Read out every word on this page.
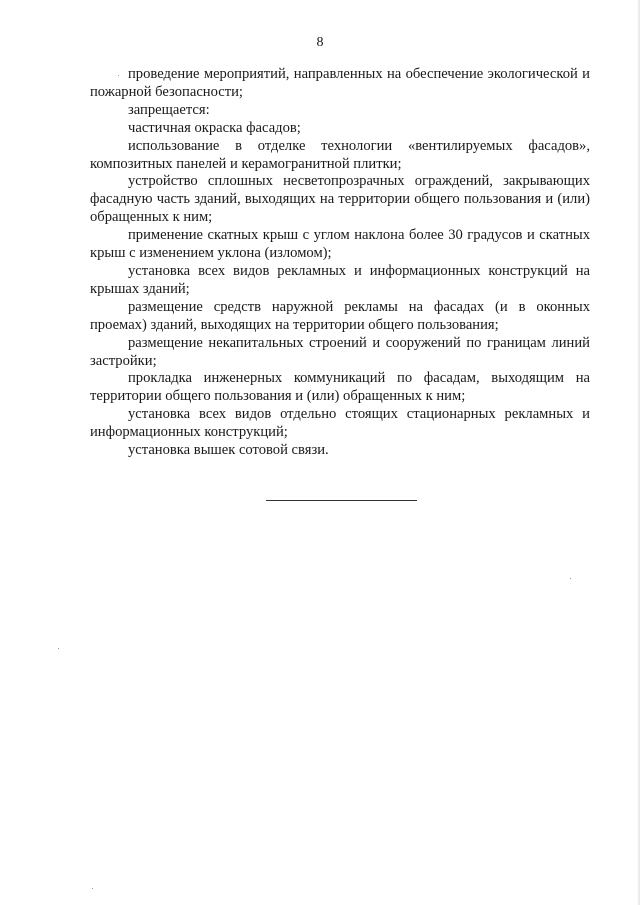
8

проведение мероприятий, направленных на обеспечение экологической и пожарной безопасности;

запрещается:

частичная окраска фасадов;

использование в отделке технологии «вентилируемых фасадов», композитных панелей и керамогранитной плитки;

устройство сплошных несветопрозрачных ограждений, закрывающих фасадную часть зданий, выходящих на территории общего пользования и (или) обращенных к ним;

применение скатных крыш с углом наклона более 30 градусов и скатных крыш с изменением уклона (изломом);

установка всех видов рекламных и информационных конструкций на крышах зданий;

размещение средств наружной рекламы на фасадах (и в оконных проемах) зданий, выходящих на территории общего пользования;

размещение некапитальных строений и сооружений по границам линий застройки;

прокладка инженерных коммуникаций по фасадам, выходящим на территории общего пользования и (или) обращенных к ним;

установка всех видов отдельно стоящих стационарных рекламных и информационных конструкций;

установка вышек сотовой связи.
